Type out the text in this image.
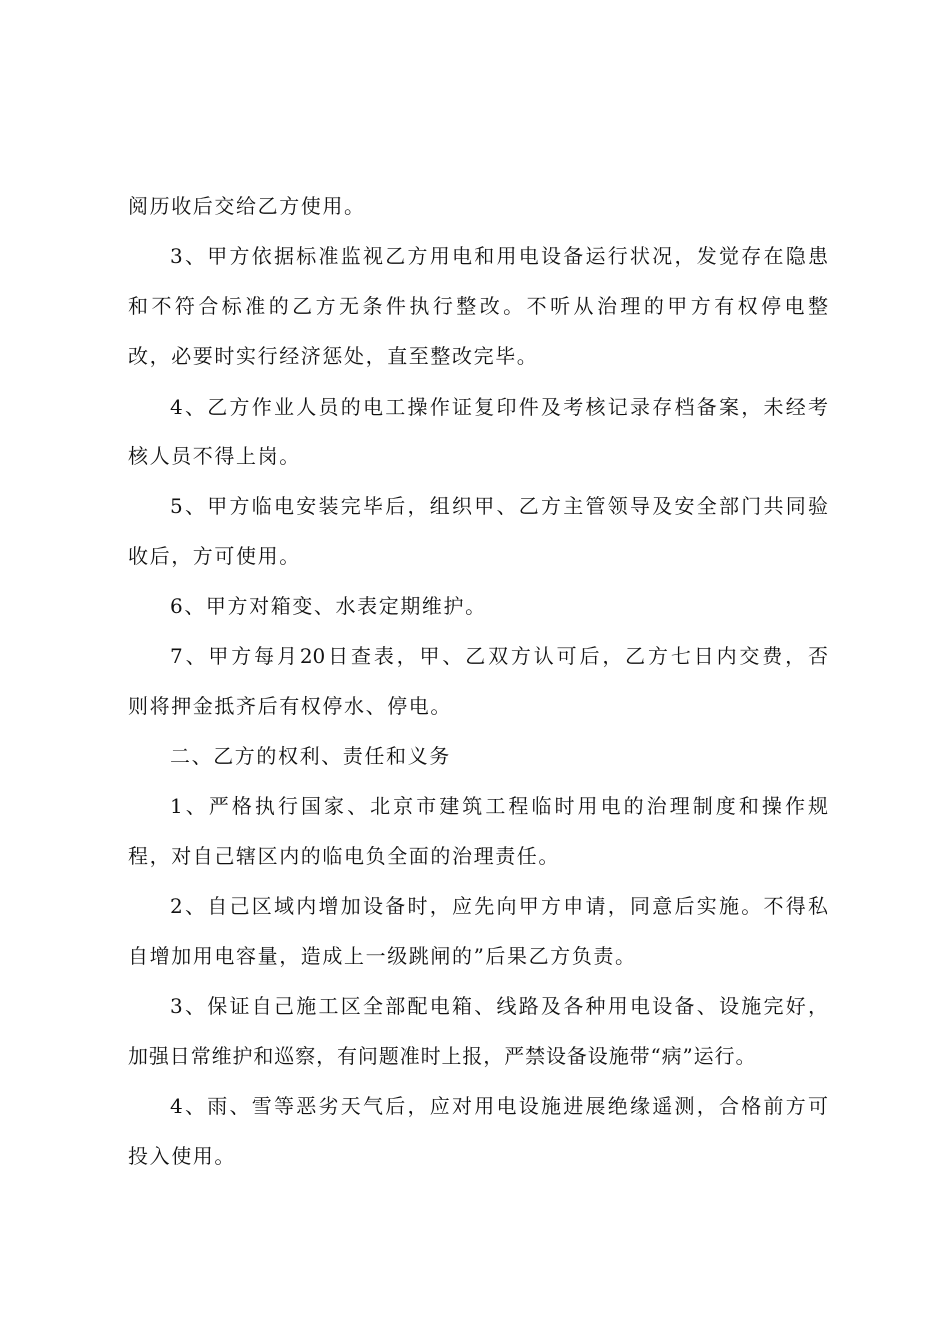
阅历收后交给乙方使用。
3、甲方依据标准监视乙方用电和用电设备运行状况，发觉存在隐患
和不符合标准的乙方无条件执行整改。不听从治理的甲方有权停电整
改，必要时实行经济惩处，直至整改完毕。
4、乙方作业人员的电工操作证复印件及考核记录存档备案，未经考
核人员不得上岗。
5、甲方临电安装完毕后，组织甲、乙方主管领导及安全部门共同验
收后，方可使用。
6、甲方对箱变、水表定期维护。
7、甲方每月20日查表，甲、乙双方认可后，乙方七日内交费，否
则将押金抵齐后有权停水、停电。
二、乙方的权利、责任和义务
1、严格执行国家、北京市建筑工程临时用电的治理制度和操作规
程，对自己辖区内的临电负全面的治理责任。
2、自己区域内增加设备时，应先向甲方申请，同意后实施。不得私
自增加用电容量，造成上一级跳闸的”后果乙方负责。
3、保证自己施工区全部配电箱、线路及各种用电设备、设施完好，
加强日常维护和巡察，有问题准时上报，严禁设备设施带“病”运行。
4、雨、雪等恶劣天气后，应对用电设施进展绝缘遥测，合格前方可
投入使用。
